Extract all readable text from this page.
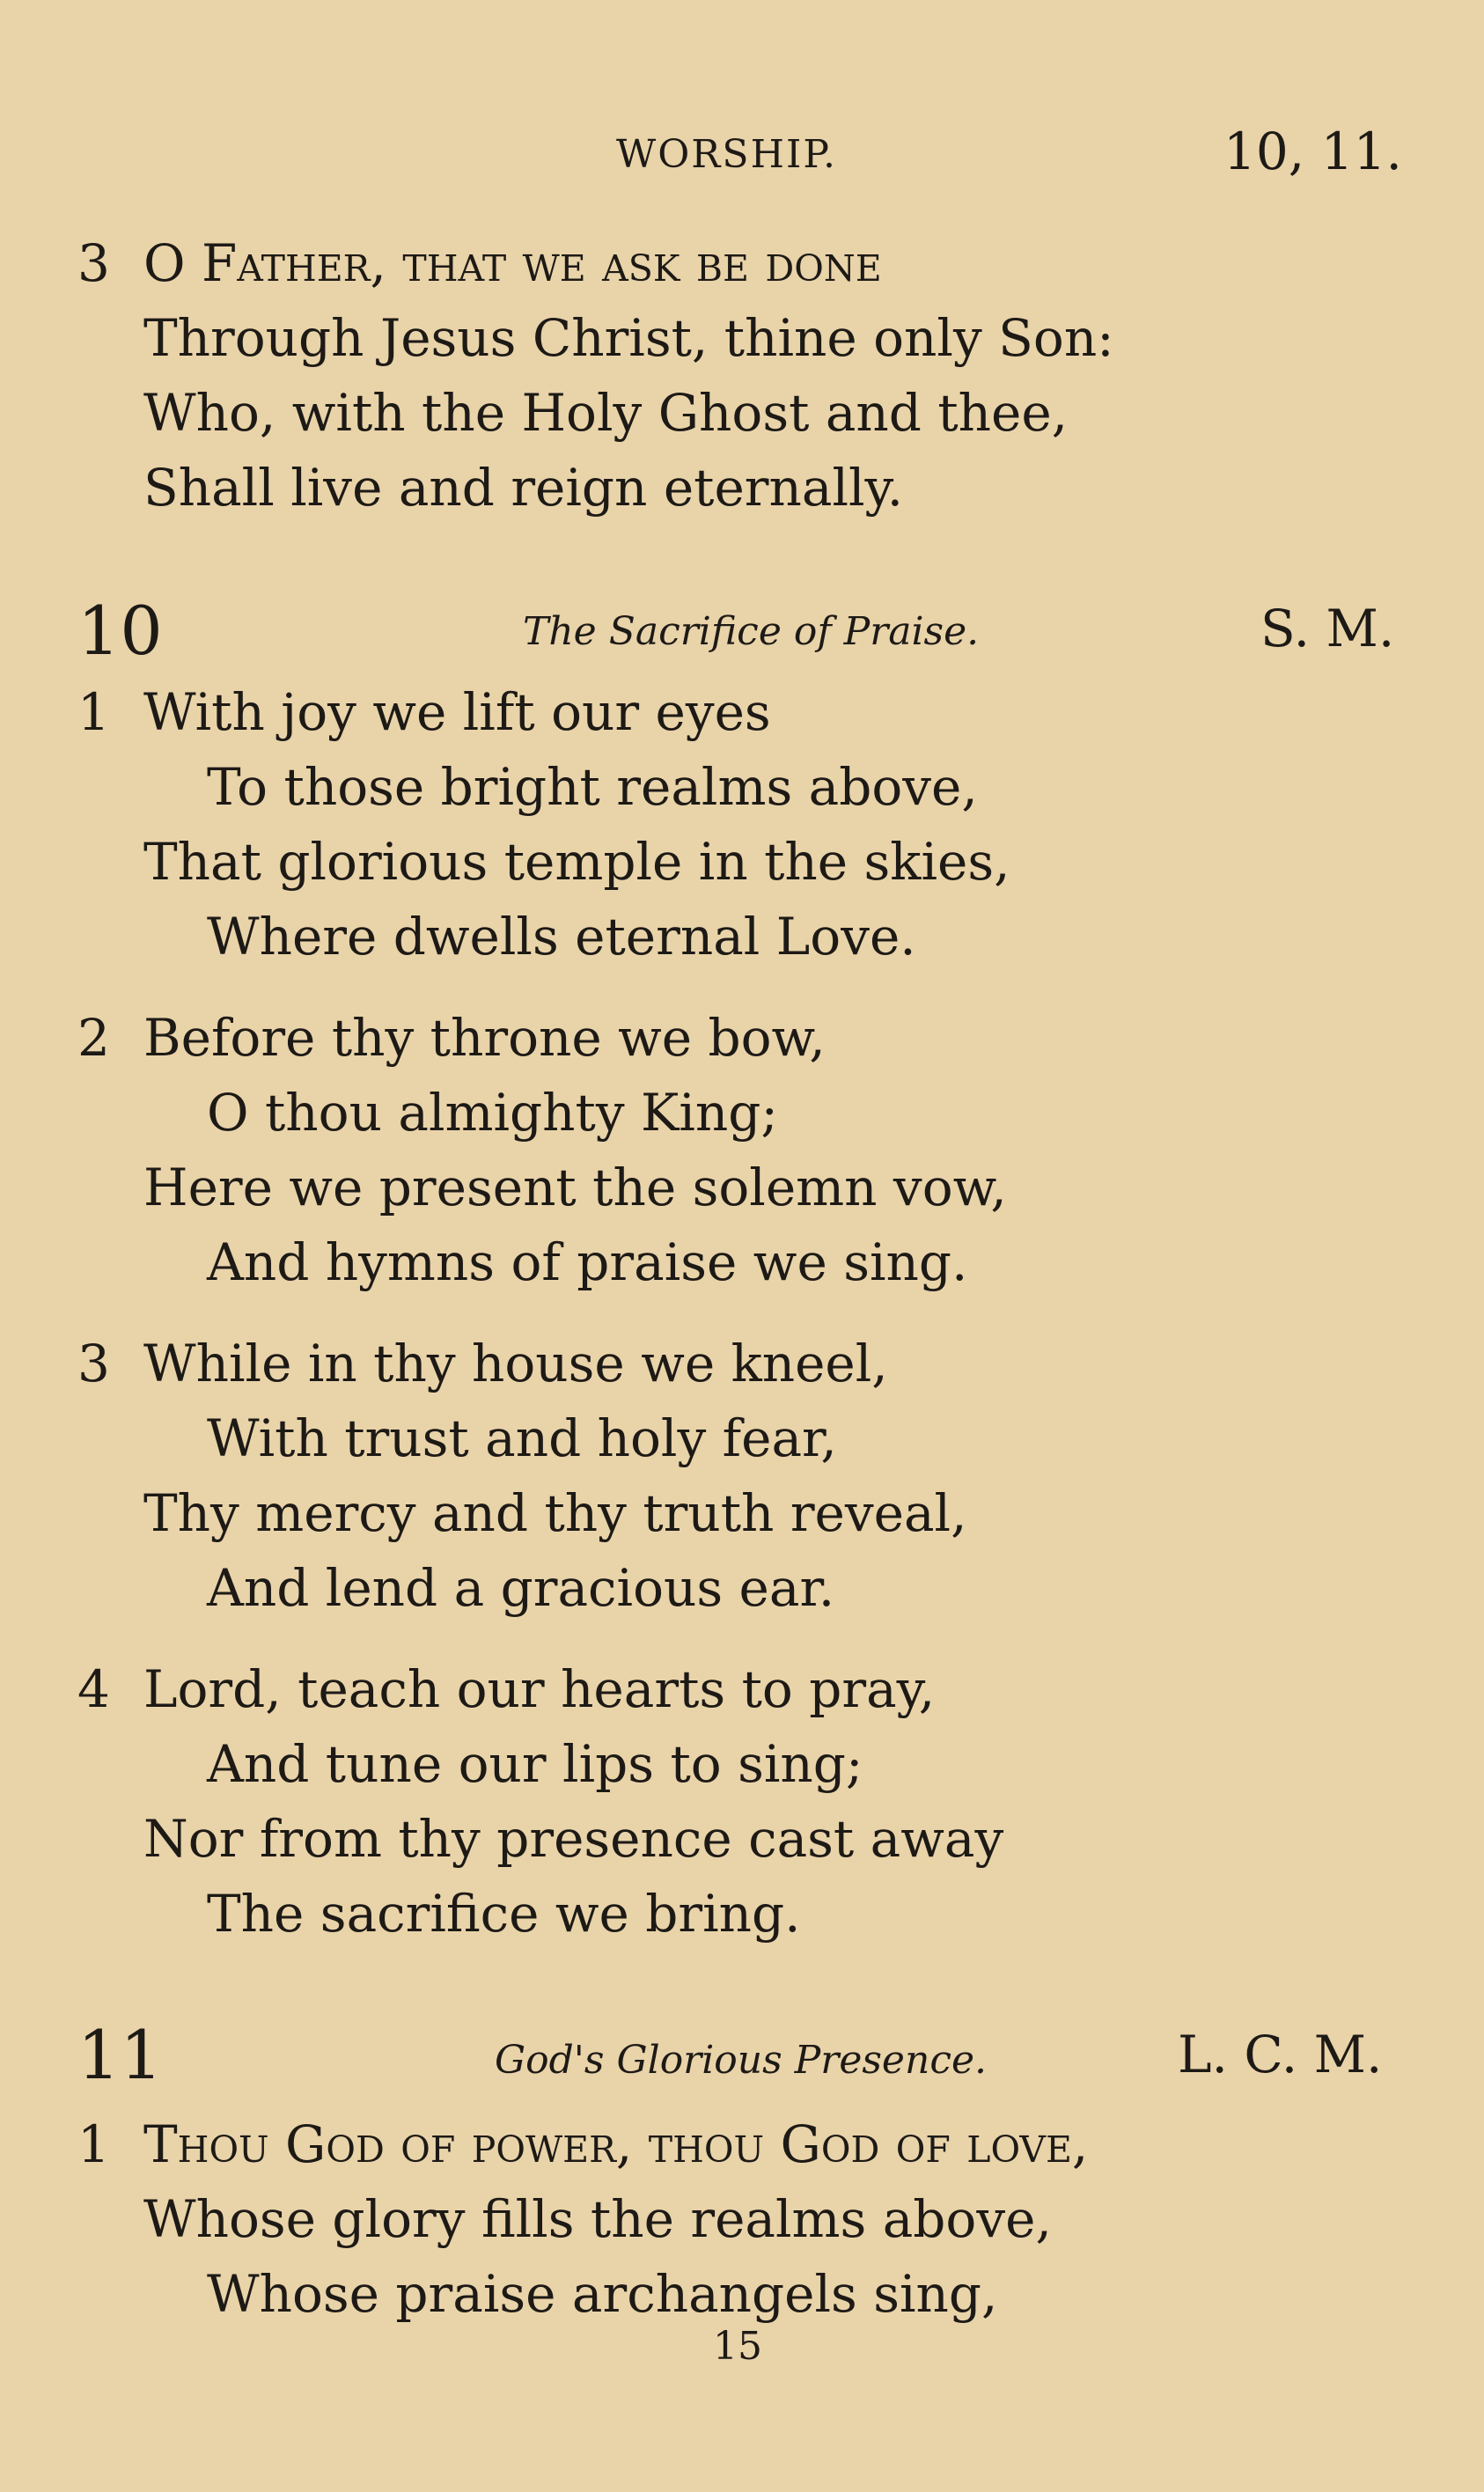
WORSHIP.	10, 11.
3 O Father, that we ask be done
Through Jesus Christ, thine only Son:
Who, with the Holy Ghost and thee,
Shall live and reign eternally.
10	The Sacrifice of Praise.	S. M.
1 With joy we lift our eyes
To those bright realms above,
That glorious temple in the skies,
Where dwells eternal Love.
2 Before thy throne we bow,
O thou almighty King;
Here we present the solemn vow,
And hymns of praise we sing.
3 While in thy house we kneel,
With trust and holy fear,
Thy mercy and thy truth reveal,
And lend a gracious ear.
4 Lord, teach our hearts to pray,
And tune our lips to sing;
Nor from thy presence cast away
The sacrifice we bring.
11	God's Glorious Presence.	L. C. M.
1 Thou God of power, thou God of love,
Whose glory fills the realms above,
Whose praise archangels sing,
15
